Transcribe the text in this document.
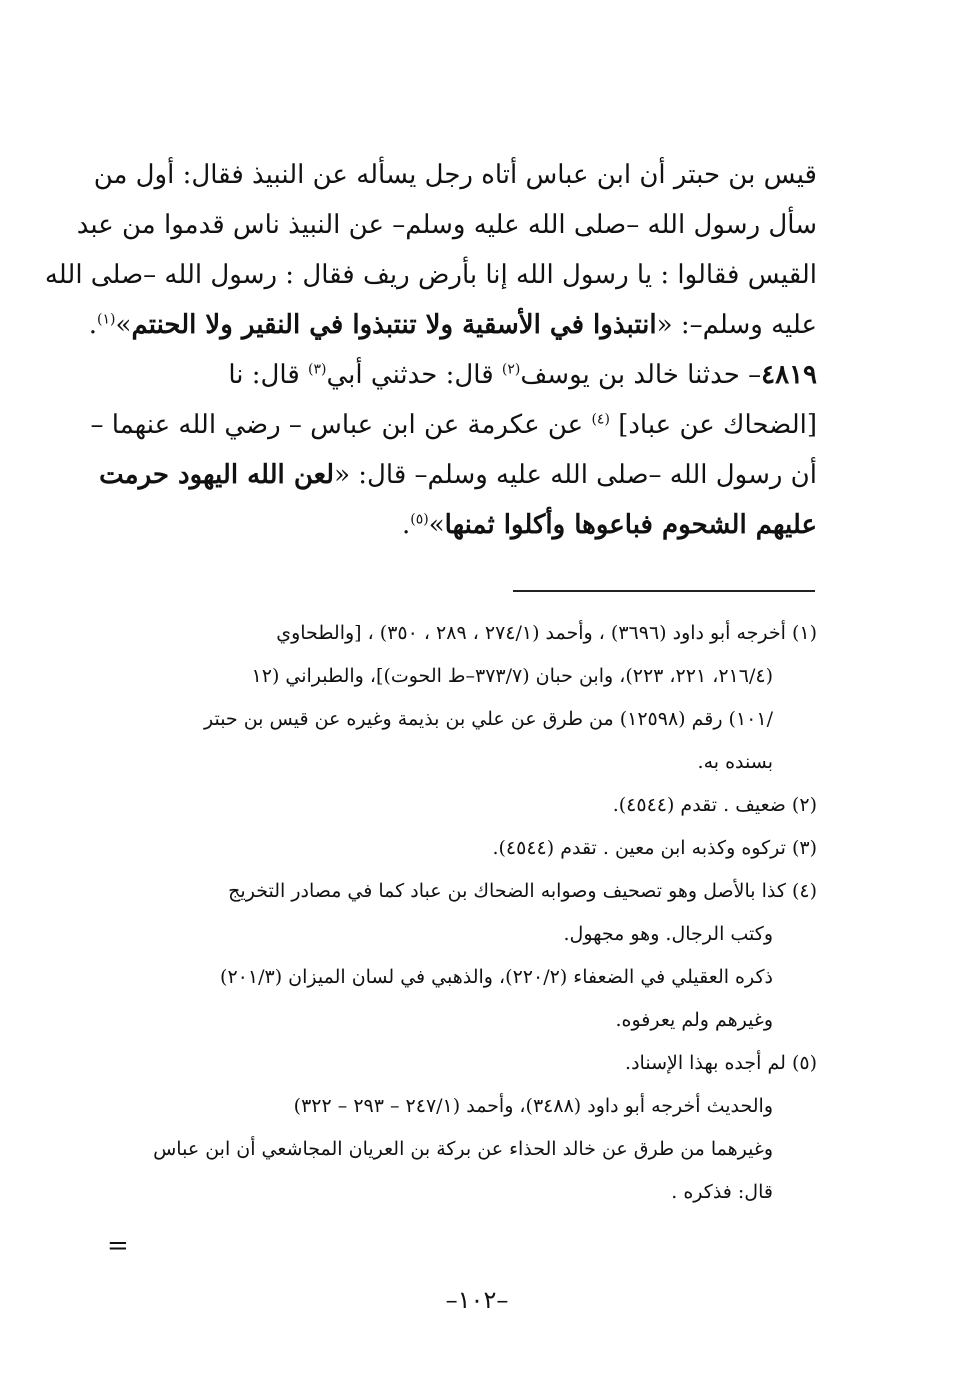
قيس بن حبتر أن ابن عباس أتاه رجل يسأله عن النبيذ فقال: أول من
سأل رسول الله –صلى الله عليه وسلم– عن النبيذ ناس قدموا من عبد
القيس فقالوا : يا رسول الله إنا بأرض ريف فقال : رسول الله –صلى الله
عليه وسلم–: «انتبذوا في الأسقية ولا تنتبذوا في النقير ولا الحنتم»$^{(١)}$.
٤٨١٩– حدثنا خالد بن يوسف$^{(٢)}$ قال: حدثني أبي$^{(٣)}$ قال: نا
[الضحاك عن عباد] $^{(٤)}$ عن عكرمة عن ابن عباس – رضي الله عنهما –
أن رسول الله –صلى الله عليه وسلم– قال: «لعن الله اليهود حرمت
عليهم الشحوم فباعوها وأكلوا ثمنها»$^{(٥)}$.
(١) أخرجه أبو داود (٣٦٩٦) ، وأحمد (٢٧٤/١ ، ٢٨٩ ، ٣٥٠) ، [والطحاوي
(٢١٦/٤، ٢٢١، ٢٢٣)، وابن حبان (٣٧٣/٧–ط الحوت)]، والطبراني (١٢
/١٠١) رقم (١٢٥٩٨) من طرق عن علي بن بذيمة وغيره عن قيس بن حبتر
بسنده به.
(٢) ضعيف . تقدم (٤٥٤٤).
(٣) تركوه وكذبه ابن معين . تقدم (٤٥٤٤).
(٤) كذا بالأصل وهو تصحيف وصوابه الضحاك بن عباد كما في مصادر التخريج
وكتب الرجال. وهو مجهول.
ذكره العقيلي في الضعفاء (٢٢٠/٢)، والذهبي في لسان الميزان (٢٠١/٣)
وغيرهم ولم يعرفوه.
(٥) لم أجده بهذا الإسناد.
والحديث أخرجه أبو داود (٣٤٨٨)، وأحمد (٢٤٧/١ – ٢٩٣ – ٣٢٢)
وغيرهما من طرق عن خالد الحذاء عن بركة بن العريان المجاشعي أن ابن عباس
قال: فذكره .
=
–١٠٢–
